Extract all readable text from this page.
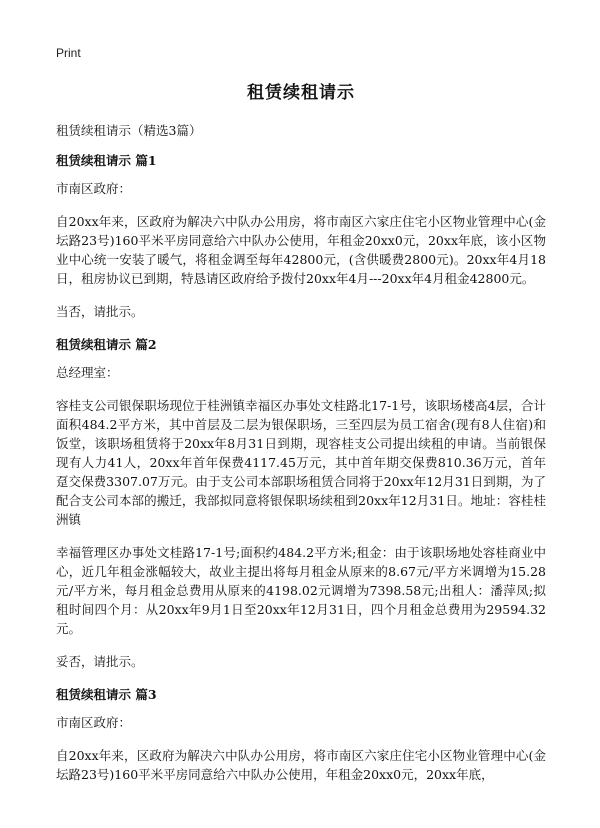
Print
租赁续租请示
租赁续租请示（精选3篇）
租赁续租请示 篇1

市南区政府：

自20xx年来，区政府为解决六中队办公用房，将市南区六家庄住宅小区物业管理中心(金坛路23号)160平米平房同意给六中队办公使用，年租金20xx0元，20xx年底，该小区物业中心统一安装了暖气，将租金调至每年42800元，(含供暖费2800元)。20xx年4月18日，租房协议已到期，特恳请区政府给予拨付20xx年4月---20xx年4月租金42800元。

当否，请批示。

租赁续租请示 篇2

总经理室：

容桂支公司银保职场现位于桂洲镇幸福区办事处文桂路北17-1号，该职场楼高4层，合计面积484.2平方米，其中首层及二层为银保职场，三至四层为员工宿舍(现有8人住宿)和饭堂，该职场租赁将于20xx年8月31日到期，现容桂支公司提出续租的申请。当前银保现有人力41人，20xx年首年保费4117.45万元，其中首年期交保费810.36万元，首年趸交保费3307.07万元。由于支公司本部职场租赁合同将于20xx年12月31日到期，为了配合支公司本部的搬迁，我部拟同意将银保职场续租到20xx年12月31日。地址：容桂桂洲镇

幸福管理区办事处文桂路17-1号;面积约484.2平方米;租金：由于该职场地处容桂商业中心，近几年租金涨幅较大，故业主提出将每月租金从原来的8.67元/平方米调增为15.28元/平方米，每月租金总费用从原来的4198.02元调增为7398.58元;出租人：潘萍凤;拟租时间四个月：从20xx年9月1日至20xx年12月31日，四个月租金总费用为29594.32元。

妥否，请批示。

租赁续租请示 篇3

市南区政府：

自20xx年来，区政府为解决六中队办公用房，将市南区六家庄住宅小区物业管理中心(金坛路23号)160平米平房同意给六中队办公使用，年租金20xx0元，20xx年底，
